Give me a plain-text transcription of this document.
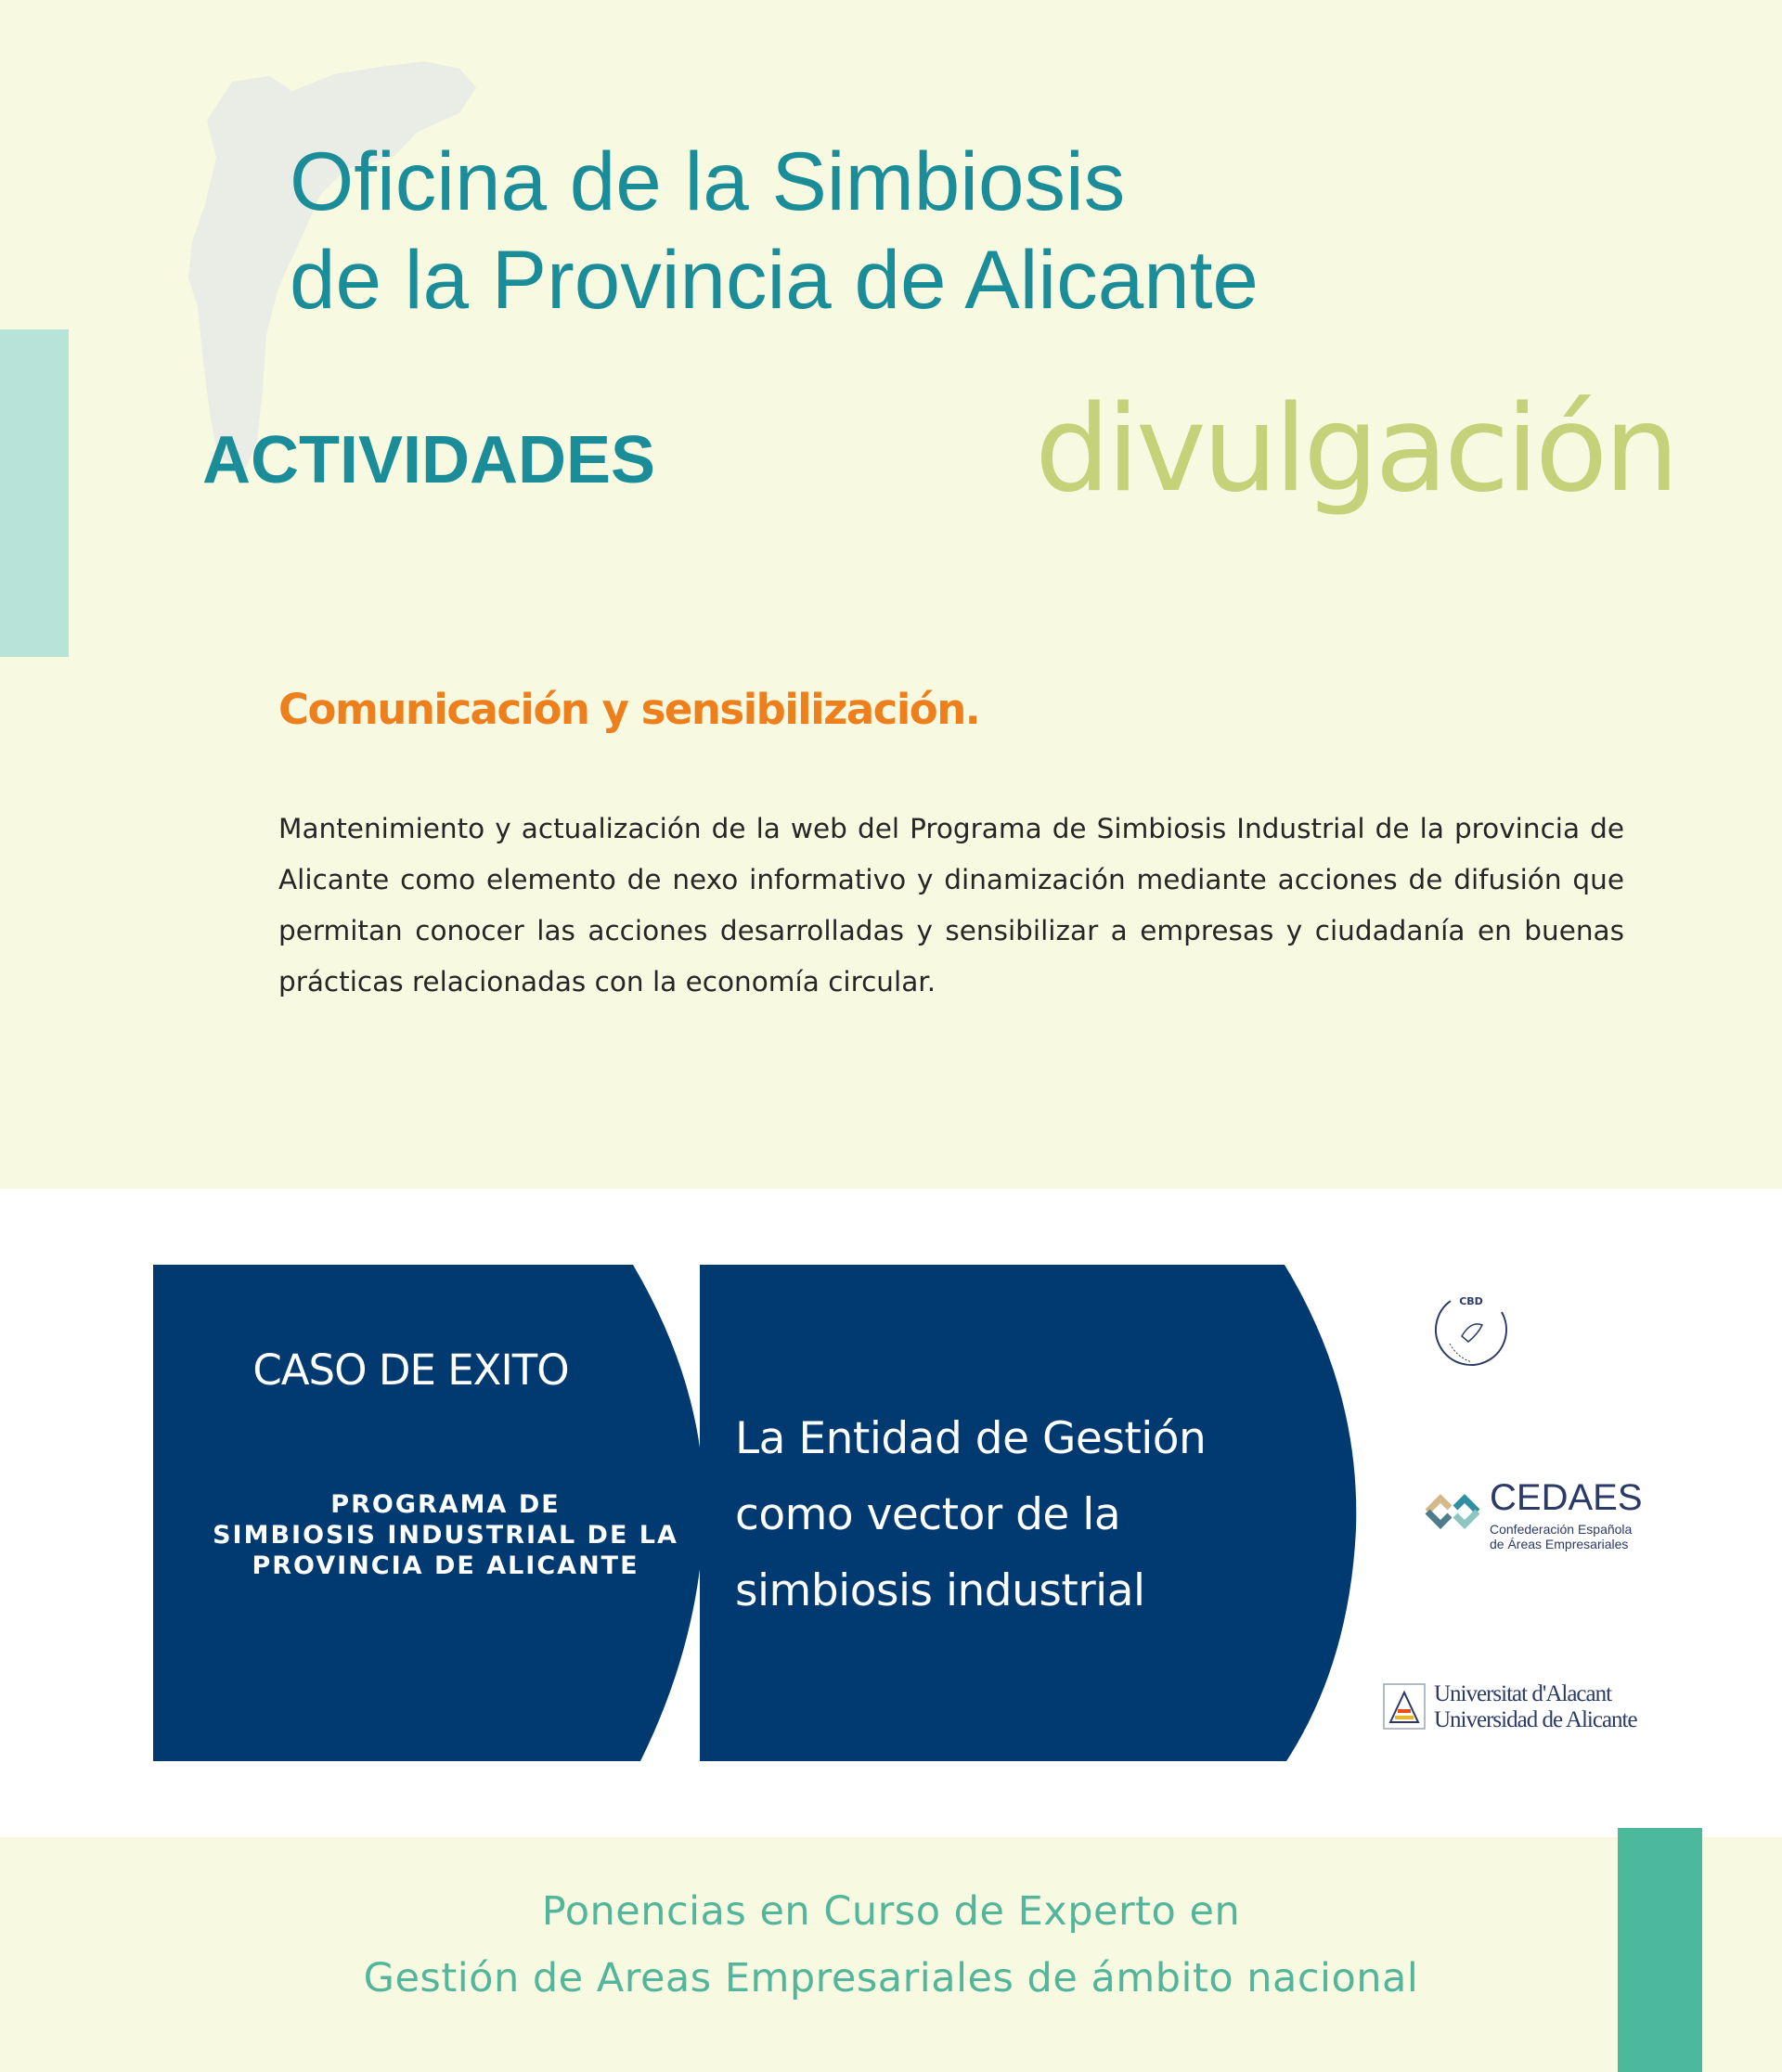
Oficina de la Simbiosis
de la Provincia de Alicante
ACTIVIDADES	divulgación
Comunicación y sensibilización.

Mantenimiento y actualización de la web del Programa de Simbiosis Industrial de la provincia de Alicante como elemento de nexo informativo y dinamización mediante acciones de difusión que permitan conocer las acciones desarrolladas y sensibilizar a empresas y ciudadanía en buenas prácticas relacionadas con la economía circular.

CASO DE EXITO
PROGRAMA DE
SIMBIOSIS INDUSTRIAL DE LA
PROVINCIA DE ALICANTE
La Entidad de Gestión
como vector de la
simbiosis industrial
CBD
CEDAES
Confederación Española
de Áreas Empresariales
Universitat d'Alacant
Universidad de Alicante
Ponencias en Curso de Experto en
Gestión de Areas Empresariales de ámbito nacional
